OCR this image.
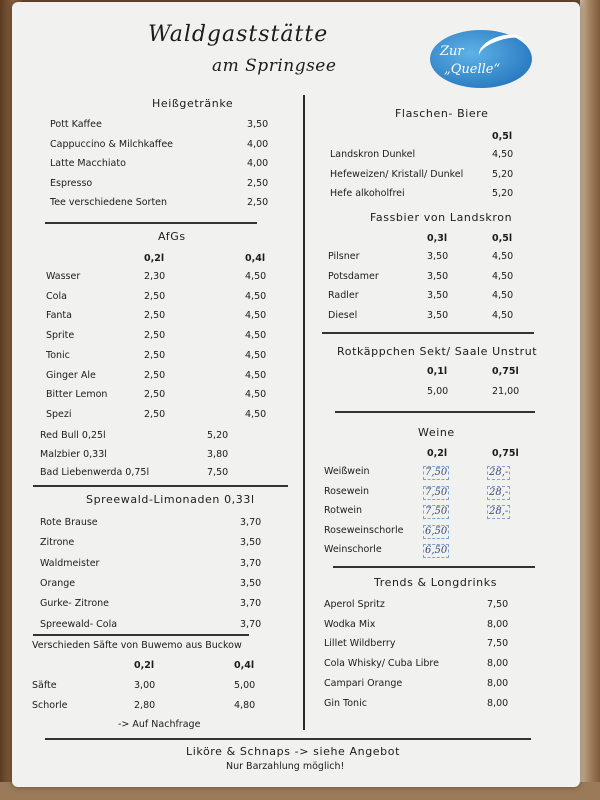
Waldgaststätte
am Springsee
Zur
„Quelle“
Heißgetränke
Pott Kaffee	3,50
Cappuccino & Milchkaffee	4,00
Latte Macchiato	4,00
Espresso	2,50
Tee verschiedene Sorten	2,50
AfGs
0,2l	0,4l
Wasser	2,30	4,50
Cola	2,50	4,50
Fanta	2,50	4,50
Sprite	2,50	4,50
Tonic	2,50	4,50
Ginger Ale	2,50	4,50
Bitter Lemon	2,50	4,50
Spezi	2,50	4,50
Red Bull 0,25l	5,20
Malzbier 0,33l	3,80
Bad Liebenwerda 0,75l	7,50
Spreewald-Limonaden 0,33l
Rote Brause	3,70
Zitrone	3,50
Waldmeister	3,70
Orange	3,50
Gurke- Zitrone	3,70
Spreewald- Cola	3,70
Verschieden Säfte von Buwemo aus Buckow
0,2l	0,4l
Säfte	3,00	5,00
Schorle	2,80	4,80
-> Auf Nachfrage
Flaschen- Biere
0,5l
Landskron Dunkel	4,50
Hefeweizen/ Kristall/ Dunkel	5,20
Hefe alkoholfrei	5,20
Fassbier von Landskron
0,3l	0,5l
Pilsner	3,50	4,50
Potsdamer	3,50	4,50
Radler	3,50	4,50
Diesel	3,50	4,50
Rotkäppchen Sekt/ Saale Unstrut
0,1l	0,75l
5,00	21,00
Weine
0,2l	0,75l
Weißwein	7,50	28,-
Rosewein	7,50	28,-
Rotwein	7,50	28,-
Roseweinschorle 6,50
Weinschorle	6,50
Trends & Longdrinks
Aperol Spritz	7,50
Wodka Mix	8,00
Lillet Wildberry	7,50
Cola Whisky/ Cuba Libre	8,00
Campari Orange	8,00
Gin Tonic	8,00
Liköre & Schnaps -> siehe Angebot
Nur Barzahlung möglich!
